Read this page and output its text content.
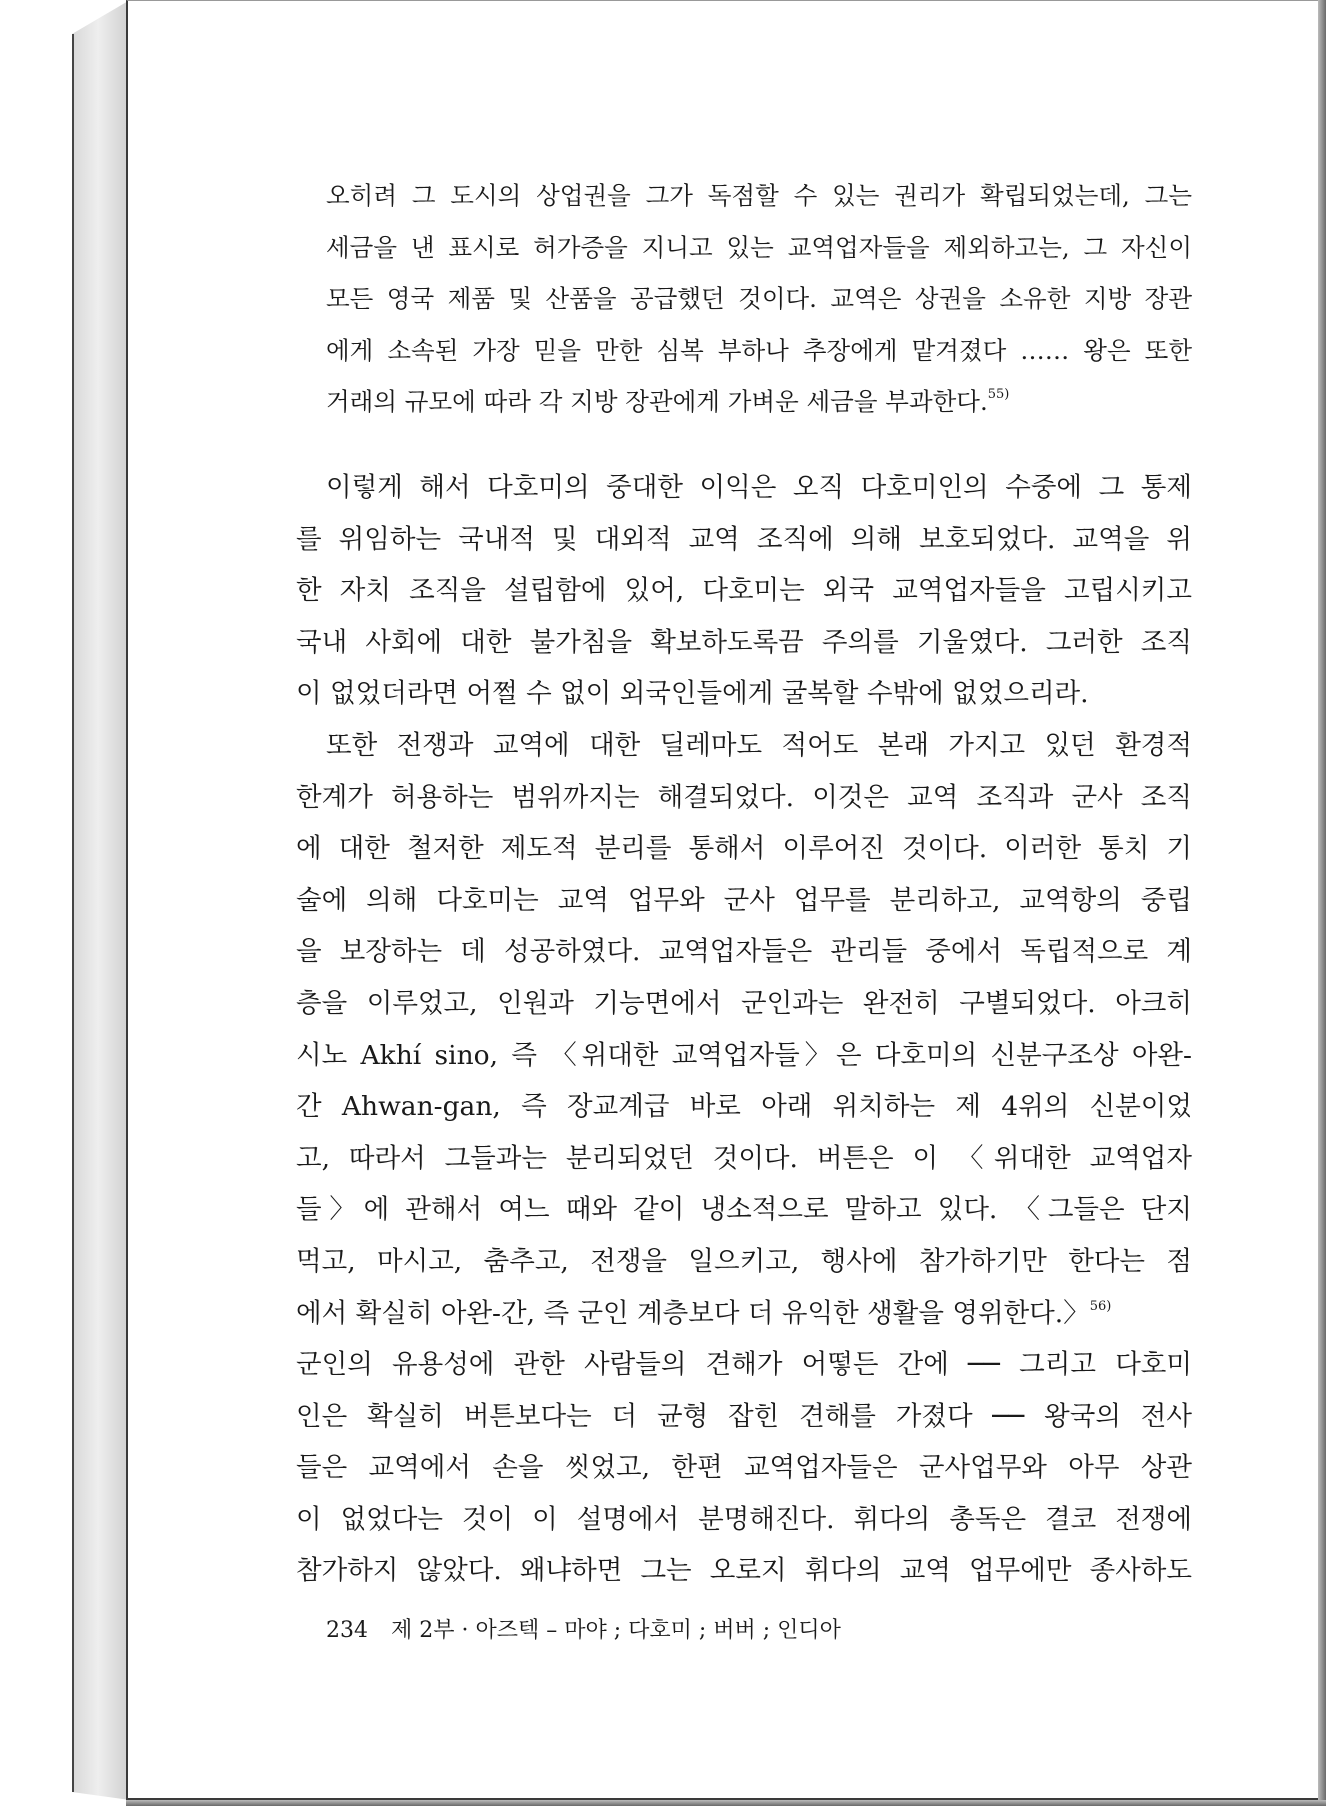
오히려 그 도시의 상업권을 그가 독점할 수 있는 권리가 확립되었는데, 그는
세금을 낸 표시로 허가증을 지니고 있는 교역업자들을 제외하고는, 그 자신이
모든 영국 제품 및 산품을 공급했던 것이다. 교역은 상권을 소유한 지방 장관
에게 소속된 가장 믿을 만한 심복 부하나 추장에게 맡겨졌다 …… 왕은 또한
거래의 규모에 따라 각 지방 장관에게 가벼운 세금을 부과한다.$^{55)}$
이렇게 해서 다호미의 중대한 이익은 오직 다호미인의 수중에 그 통제
를 위임하는 국내적 및 대외적 교역 조직에 의해 보호되었다. 교역을 위
한 자치 조직을 설립함에 있어, 다호미는 외국 교역업자들을 고립시키고
국내 사회에 대한 불가침을 확보하도록끔 주의를 기울였다. 그러한 조직
이 없었더라면 어쩔 수 없이 외국인들에게 굴복할 수밖에 없었으리라.
또한 전쟁과 교역에 대한 딜레마도 적어도 본래 가지고 있던 환경적
한계가 허용하는 범위까지는 해결되었다. 이것은 교역 조직과 군사 조직
에 대한 철저한 제도적 분리를 통해서 이루어진 것이다. 이러한 통치 기
술에 의해 다호미는 교역 업무와 군사 업무를 분리하고, 교역항의 중립
을 보장하는 데 성공하였다. 교역업자들은 관리들 중에서 독립적으로 계
층을 이루었고, 인원과 기능면에서 군인과는 완전히 구별되었다. 아크히
시노 Akhí sino, 즉 〈위대한 교역업자들〉은 다호미의 신분구조상 아완-
간 Ahwan-gan, 즉 장교계급 바로 아래 위치하는 제 4위의 신분이었
고, 따라서 그들과는 분리되었던 것이다. 버튼은 이 〈위대한 교역업자
들〉에 관해서 여느 때와 같이 냉소적으로 말하고 있다. 〈그들은 단지
먹고, 마시고, 춤추고, 전쟁을 일으키고, 행사에 참가하기만 한다는 점
에서 확실히 아완-간, 즉 군인 계층보다 더 유익한 생활을 영위한다.〉$^{56)}$
군인의 유용성에 관한 사람들의 견해가 어떻든 간에 ── 그리고 다호미
인은 확실히 버튼보다는 더 균형 잡힌 견해를 가졌다 ── 왕국의 전사
들은 교역에서 손을 씻었고, 한편 교역업자들은 군사업무와 아무 상관
이 없었다는 것이 이 설명에서 분명해진다. 휘다의 총독은 결코 전쟁에
참가하지 않았다. 왜냐하면 그는 오로지 휘다의 교역 업무에만 종사하도
234 제 2부 · 아즈텍 – 마야 ; 다호미 ; 버버 ; 인디아
